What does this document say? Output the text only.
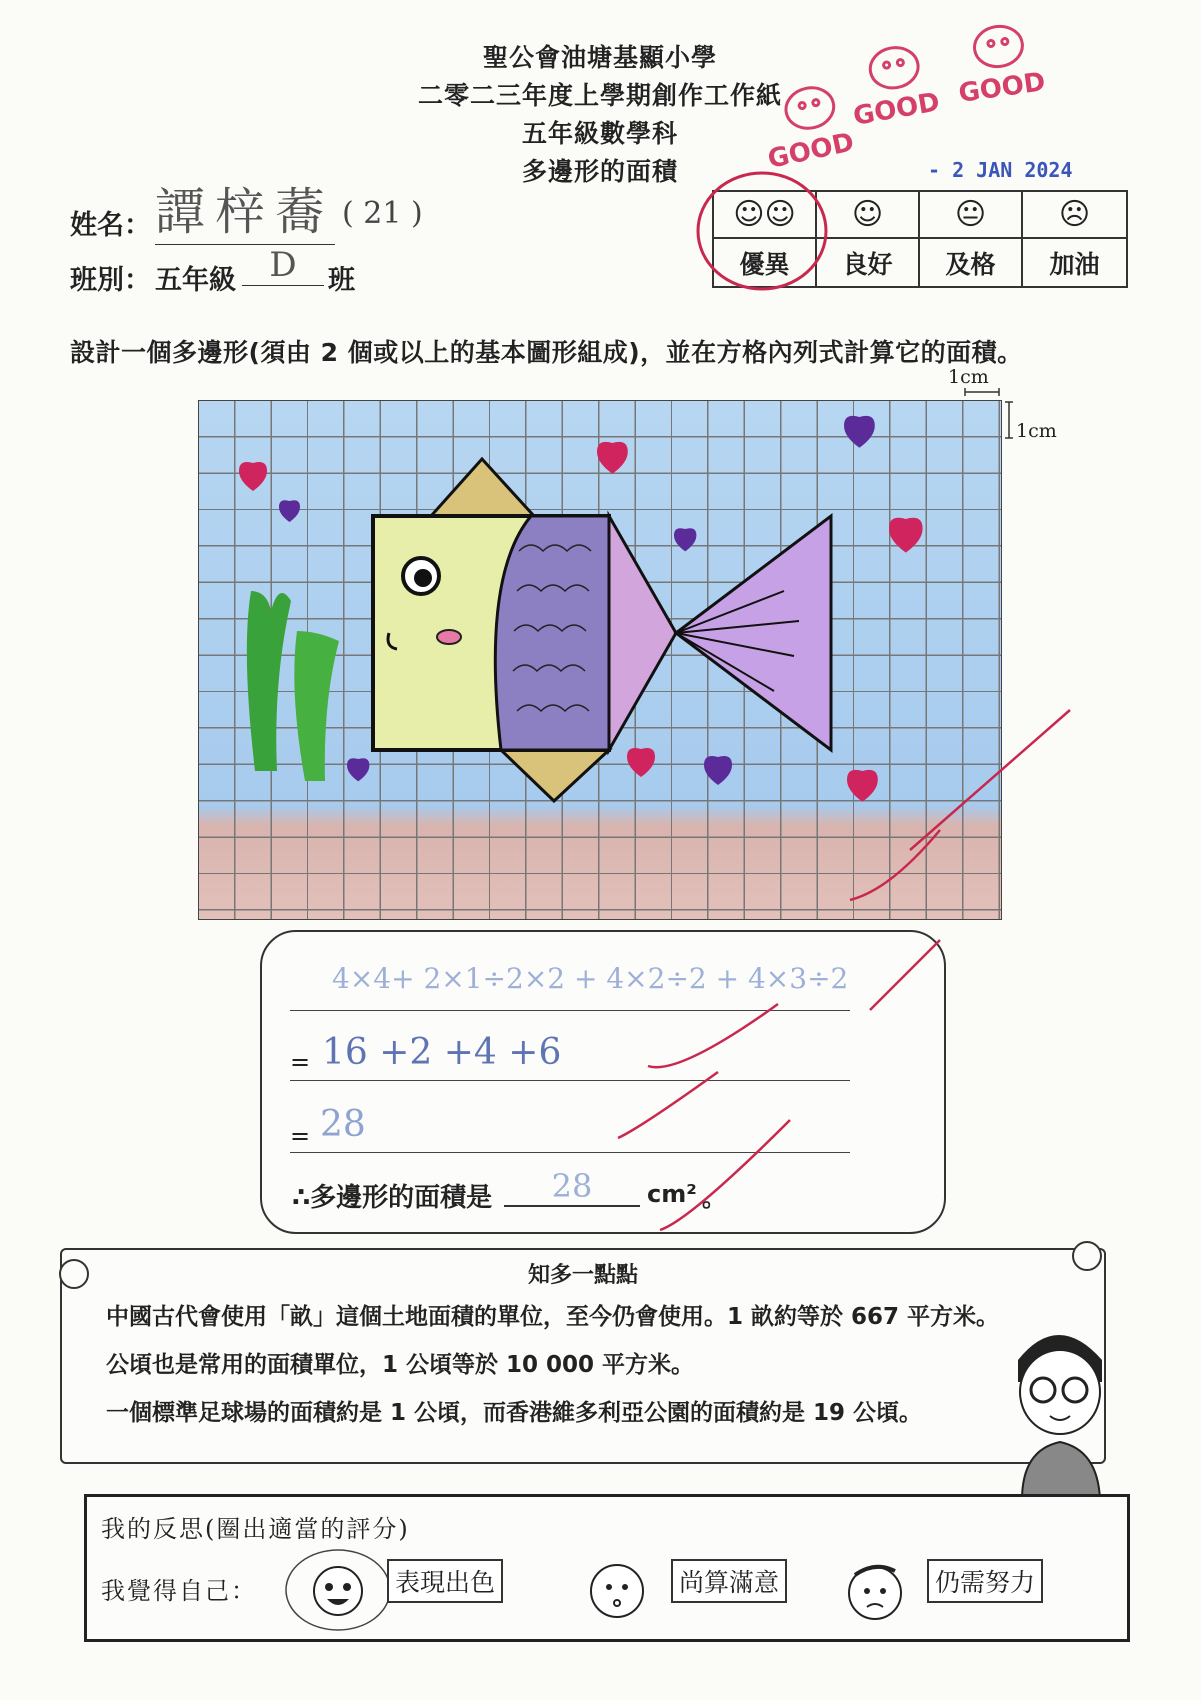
聖公會油塘基顯小學
二零二三年度上學期創作工作紙
五年級數學科
多邊形的面積	GOOD
GOOD GOOD
- 2 JAN 2024
姓名： 譚梓蕎 ( 21 )
班別： 五年級 D	班
☺☺	☺	😐	☹
優異	良好	及格	加油
設計一個多邊形(須由 2 個或以上的基本圖形組成)，並在方格內列式計算它的面積。
1cm
1cm
4×4+ 2×1÷2×2 + 4×2÷2 + 4×3÷2
= 16 +2 +4 +6
= 28
∴多邊形的面積是	28	cm² 。
知多一點點

中國古代會使用「畝」這個土地面積的單位，至今仍會使用。1 畝約等於 667 平方米。

公頃也是常用的面積單位，1 公頃等於 10 000 平方米。

一個標準足球場的面積約是 1 公頃，而香港維多利亞公園的面積約是 19 公頃。

我的反思(圈出適當的評分)
我覺得自己：	表現出色	尚算滿意	仍需努力
